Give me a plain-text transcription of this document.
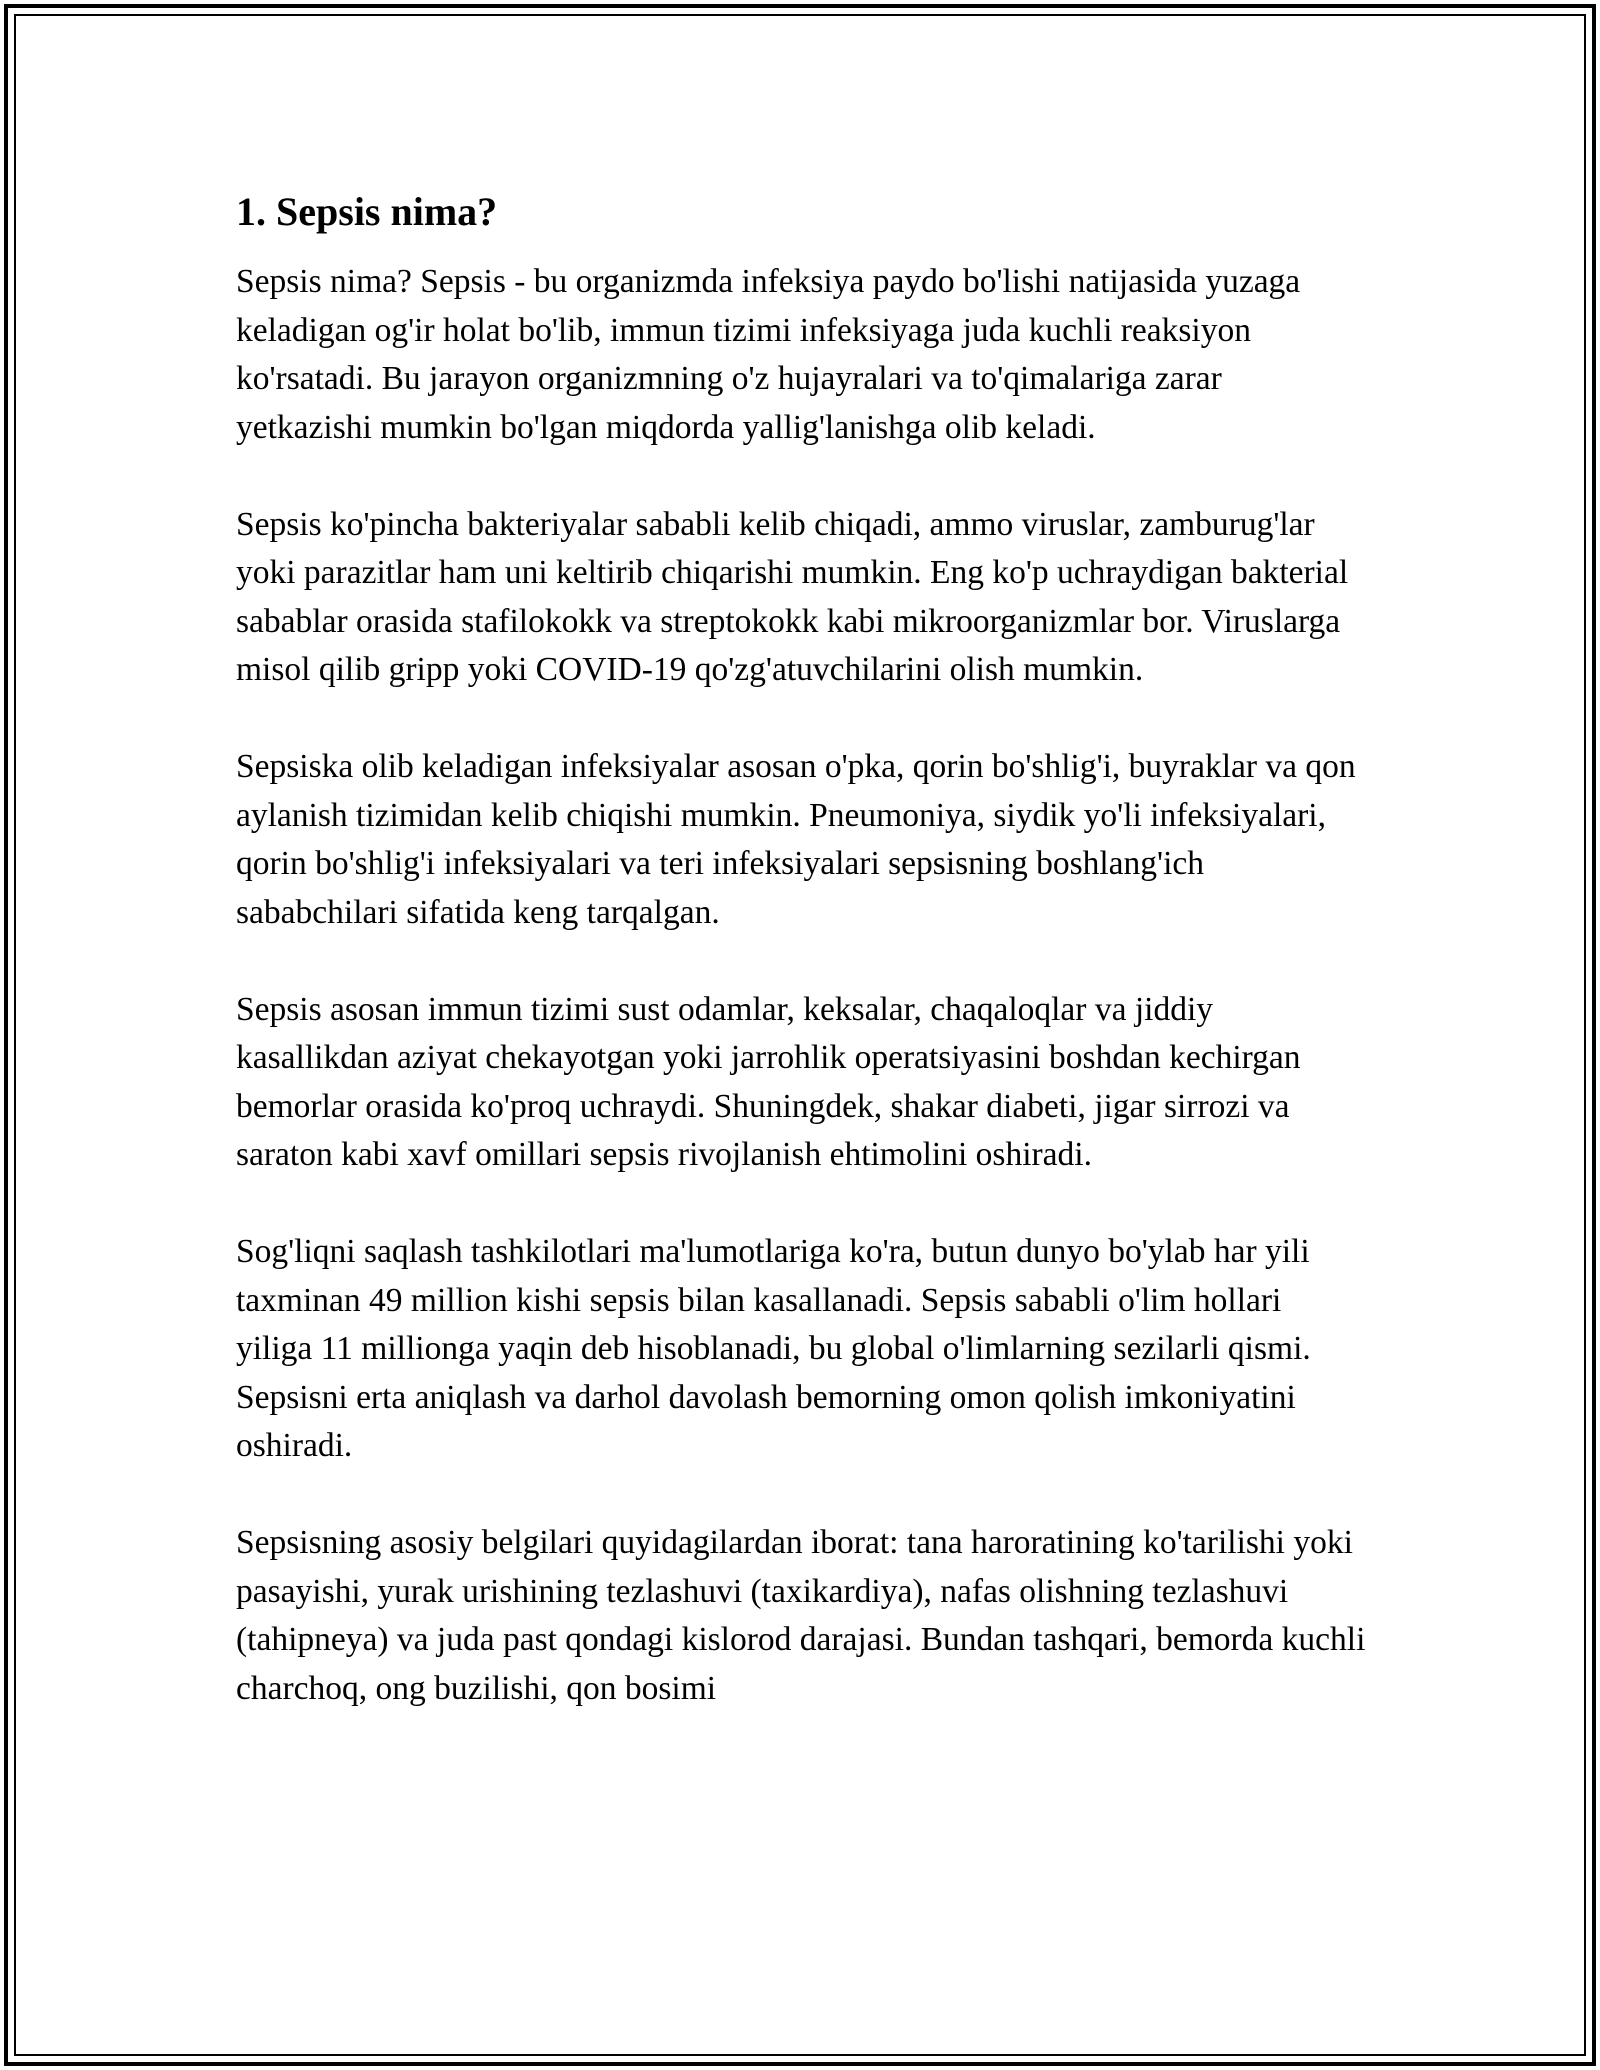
1. Sepsis nima?

Sepsis nima? Sepsis - bu organizmda infeksiya paydo bo'lishi natijasida yuzaga keladigan og'ir holat bo'lib, immun tizimi infeksiyaga juda kuchli reaksiyon ko'rsatadi. Bu jarayon organizmning o'z hujayralari va to'qimalariga zarar yetkazishi mumkin bo'lgan miqdorda yallig'lanishga olib keladi.

Sepsis ko'pincha bakteriyalar sababli kelib chiqadi, ammo viruslar, zamburug'lar yoki parazitlar ham uni keltirib chiqarishi mumkin. Eng ko'p uchraydigan bakterial sabablar orasida stafilokokk va streptokokk kabi mikroorganizmlar bor. Viruslarga misol qilib gripp yoki COVID-19 qo'zg'atuvchilarini olish mumkin.

Sepsiska olib keladigan infeksiyalar asosan o'pka, qorin bo'shlig'i, buyraklar va qon aylanish tizimidan kelib chiqishi mumkin. Pneumoniya, siydik yo'li infeksiyalari, qorin bo'shlig'i infeksiyalari va teri infeksiyalari sepsisning boshlang'ich sababchilari sifatida keng tarqalgan.

Sepsis asosan immun tizimi sust odamlar, keksalar, chaqaloqlar va jiddiy kasallikdan aziyat chekayotgan yoki jarrohlik operatsiyasini boshdan kechirgan bemorlar orasida ko'proq uchraydi. Shuningdek, shakar diabeti, jigar sirrozi va saraton kabi xavf omillari sepsis rivojlanish ehtimolini oshiradi.

Sog'liqni saqlash tashkilotlari ma'lumotlariga ko'ra, butun dunyo bo'ylab har yili taxminan 49 million kishi sepsis bilan kasallanadi. Sepsis sababli o'lim hollari yiliga 11 millionga yaqin deb hisoblanadi, bu global o'limlarning sezilarli qismi. Sepsisni erta aniqlash va darhol davolash bemorning omon qolish imkoniyatini oshiradi.

Sepsisning asosiy belgilari quyidagilardan iborat: tana haroratining ko'tarilishi yoki pasayishi, yurak urishining tezlashuvi (taxikardiya), nafas olishning tezlashuvi (tahipneya) va juda past qondagi kislorod darajasi. Bundan tashqari, bemorda kuchli charchoq, ong buzilishi, qon bosimi
